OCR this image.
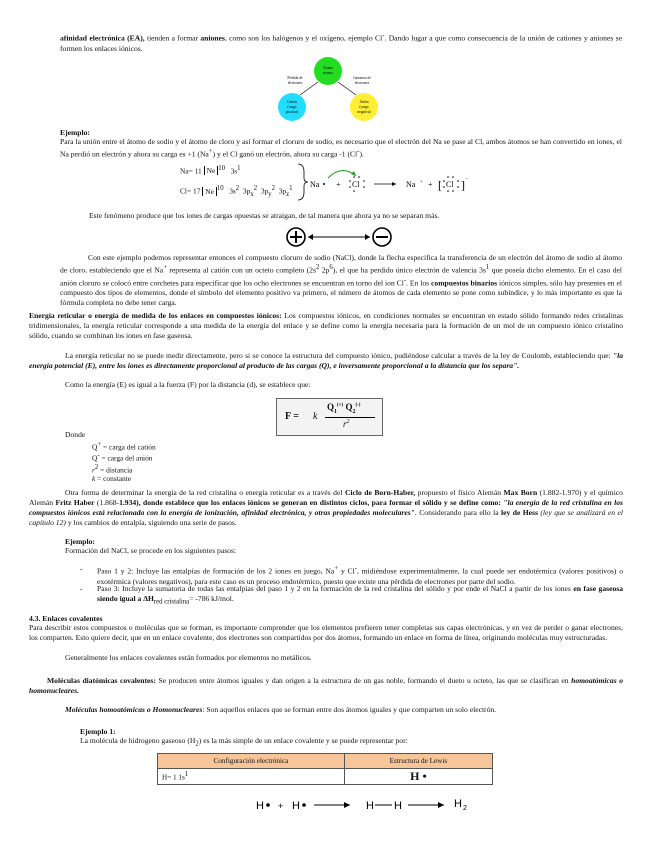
afinidad electrónica (EA), tienden a formar aniones, como son los halógenos y el oxígeno, ejemplo Cl-. Dando lugar a que como consecuencia de la unión de cationes y aniones se formen los enlaces iónicos.

Átomo
neutro
Pérdida de
electrones
Ganancia de
electrones
Catión
(carga
positiva)
Anión
(carga
negativa)

Ejemplo:

Para la unión entre el átomo de sodio y el átomo de cloro y así formar el cloruro de sodio, es necesario que el electrón del Na se pase al Cl, ambos átomos se han convertido en iones, el Na perdió un electrón y ahora su carga es +1 (Na+) y el Cl ganó un electrón, ahora su carga -1 (Cl-).

Na= 11 Ne $^{10}$ $3s^1$
Cl= 17 Ne $^{10}$ $3s^2$ $3p_x^2$ $3p_y^2$ $3p_z^1$ Na + Cl	Na + + [ Cl ] -

Este fenómeno produce que los iones de cargas opuestas se atraigan, de tal manera que ahora ya no se separan más.

Con este ejemplo podemos representar entonces el compuesto cloruro de sodio (NaCl), donde la flecha especifica la transferencia de un electrón del átomo de sodio al átomo de cloro, estableciendo que el Na+ representa al catión con un octeto completo ($2s^2$ $2p^6$), el que ha perdido único electrón de valencia $3s^1$ que poseía dicho elemento. En el caso del anión cloruro se colocó entre corchetes para especificar que los ocho electrones se encuentran en torno del ion Cl-. En los compuestos binarios iónicos simples, sólo hay presentes en el compuesto dos tipos de elementos, donde el símbolo del elemento positivo va primero, el número de átomos de cada elemento se pone como subíndice, y lo más importante es que la fórmula completa no debe tener carga.

Energía reticular o energía de medida de los enlaces en compuestos iónicos: Los compuestos iónicos, en condiciones normales se encuentran en estado sólido formando redes cristalinas tridimensionales, la energía reticular corresponde a una medida de la energía del enlace y se define como la energía necesaria para la formación de un mol de un compuesto iónico cristalino sólido, cuando se combinan los iones en fase gaseosa.

La energía reticular no se puede medir directamente, pero si se conoce la estructura del compuesto iónico, pudiéndose calcular a través de la ley de Coulomb, estableciendo que: "la energía potencial (E), entre los iones es directamente proporcional al producto de las cargas (Q), e inversamente proporcional a la distancia que los separa".

Como la energía (E) es igual a la fuerza (F) por la distancia (d), se establece que:

F = k
$Q_1^{(+)}$ $Q_2^{(-)}$
$r^2$

Donde

Q+ = carga del catión
Q- = carga del anión
$r^2$ = distancia
k = constante

Otra forma de determinar la energía de la red cristalina o energía reticular es a través del Ciclo de Born-Haber, propuesto el físico Alemán Max Born (1.882-1.970) y el químico Alemán Fritz Haber (1.868-1.934), donde establece que los enlaces iónicos se generan en distintos ciclos, para formar el sólido y se define como: "la energía de la red cristalina en los compuestos iónicos está relacionada con la energía de ionización, afinidad electrónica, y otras propiedades moleculares". Considerando para ello la ley de Hess (ley que se analizará en el capítulo 12) y los cambios de entalpía, siguiendo una serie de pasos.

Ejemplo:

Formación del NaCl, se procede en los siguientes pasos:

- Paso 1 y 2: Incluye las entalpías de formación de los 2 iones en juego, Na+ y Cl-, midiéndose experimentalmente, la cual puede ser endotérmica (valores positivos) o exotérmica (valores negativos), para este caso es un proceso endotérmico, puesto que existe una pérdida de electrones por parte del sodio.

- Paso 3: Incluye la sumatoria de todas las entalpías del paso 1 y 2 en la formación de la red cristalina del sólido y por ende el NaCl a partir de los iones en fase gaseosa siendo igual a $\Delta H_{red cristalina}= -786$ kJ/mol.

4.3. Enlaces covalentes

Para describir estos compuestos o moléculas que se forman, es importante comprender que los elementos prefieren tener completas sus capas electrónicas, y en vez de perder o ganar electrones, los comparten. Esto quiere decir, que en un enlace covalente, dos electrones son compartidos por dos átomos, formando un enlace en forma de línea, originando moléculas muy estructuradas.

Generalmente los enlaces covalentes están formados por elementos no metálicos.

Moléculas diatómicas covalentes: Se producen entre átomos iguales y dan origen a la estructura de un gas noble, formando el dueto u octeto, las que se clasifican en homoatómicas o homonucleares.

Moléculas homoatómicas o Homonucleares: Son aquellos enlaces que se forman entre dos átomos iguales y que comparten un solo electrón.

Ejemplo 1:

La molécula de hidrogeno gaseoso $(H_2)$ es la más simple de un enlace covalente y se puede representar por:

Configuración electrónica	Estructura de Lewis
H= 1 $1s^1$	H •
H + H	H H	H 2
